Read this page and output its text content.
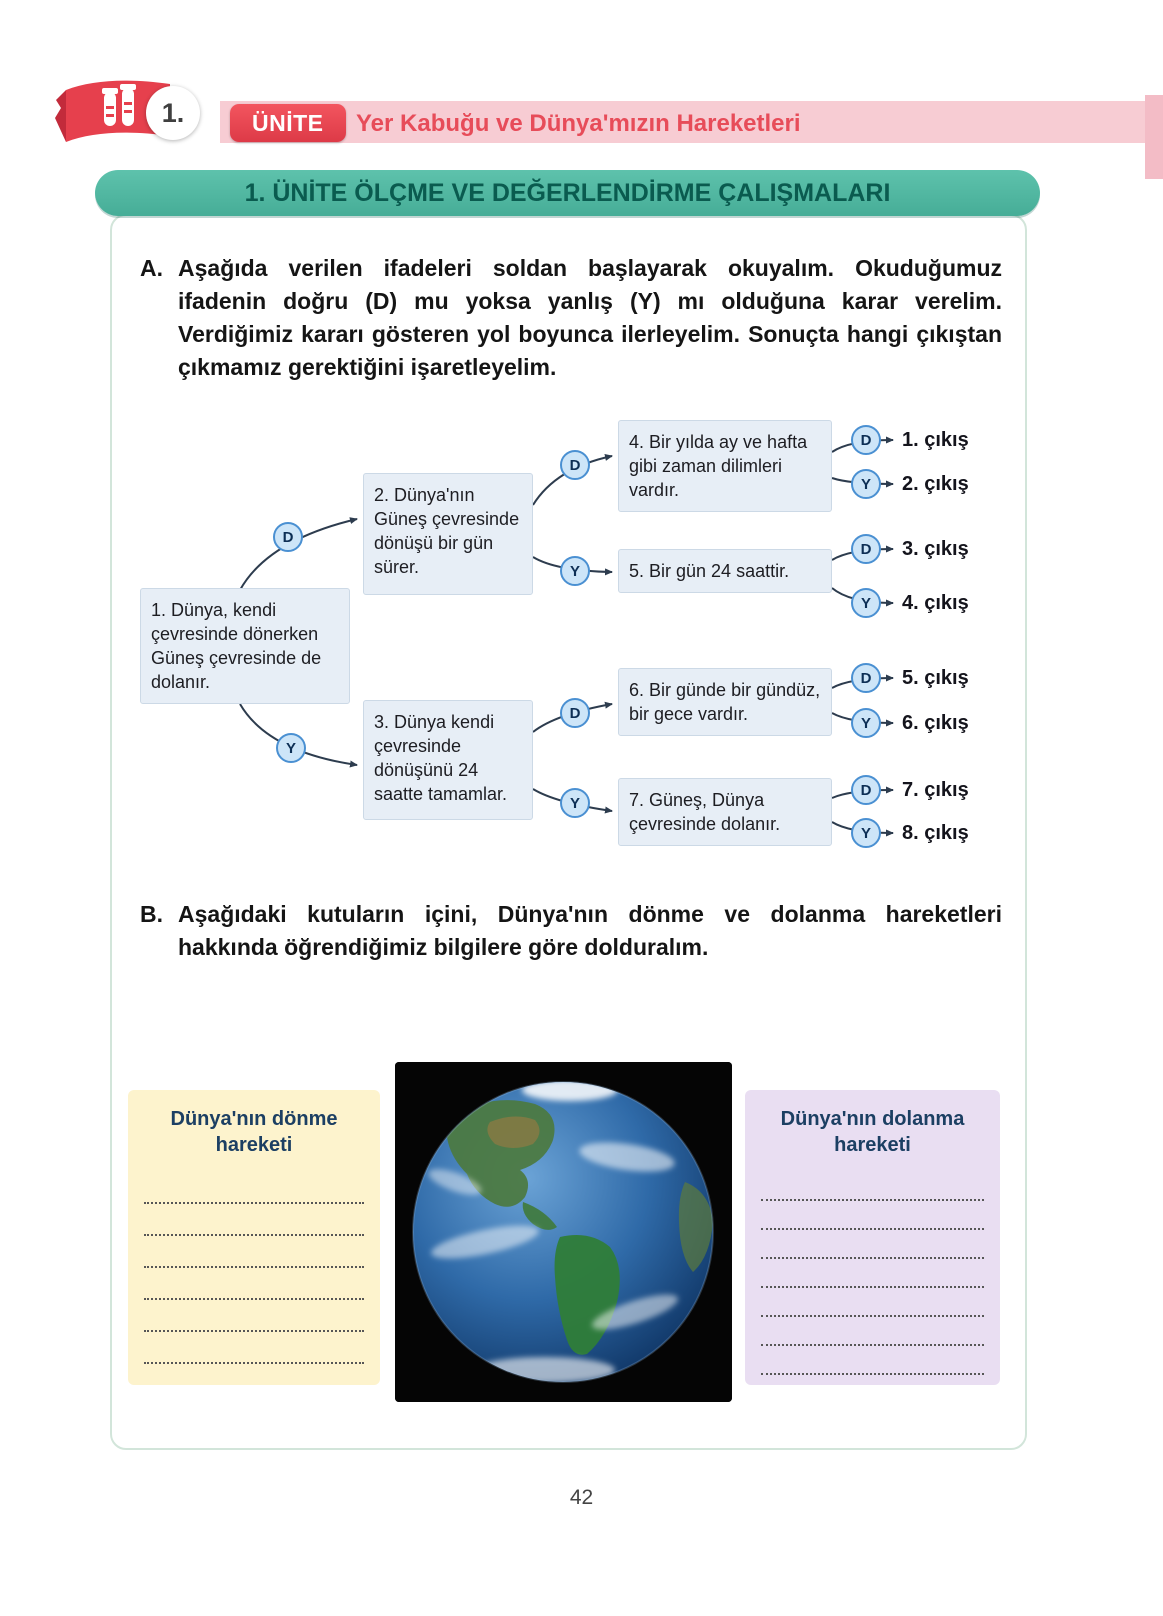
1.	ÜNİTE Yer Kabuğu ve Dünya'mızın Hareketleri
1. ÜNİTE ÖLÇME VE DEĞERLENDİRME ÇALIŞMALARI
A. Aşağıda verilen ifadeleri soldan başlayarak okuyalım. Okuduğumuz ifadenin doğru (D) mu yoksa yanlış (Y) mı olduğuna karar verelim. Verdiğimiz kararı gösteren yol boyunca ilerleyelim. Sonuçta hangi çıkıştan çıkmamız gerektiğini işaretleyelim.
1. Dünya, kendi çevresinde dönerken Güneş çevresinde de dolanır.
2. Dünya'nın Güneş çevresinde dönüşü bir gün sürer.
3. Dünya kendi çevresinde dönüşünü 24 saatte tamamlar.
4. Bir yılda ay ve hafta gibi zaman dilimleri vardır.
5. Bir gün 24 saattir.
6. Bir günde bir gündüz, bir gece vardır.
7. Güneş, Dünya çevresinde dolanır.
D
Y
D
Y
D
Y
D
Y
D
Y
D
Y
D
Y
1. çıkış
2. çıkış
3. çıkış
4. çıkış
5. çıkış
6. çıkış
7. çıkış
8. çıkış
B. Aşağıdaki kutuların içini, Dünya'nın dönme ve dolanma hareketleri hakkında öğrendiğimiz bilgilere göre dolduralım.
Dünya'nın dönme hareketi
Dünya'nın dolanma hareketi
42
